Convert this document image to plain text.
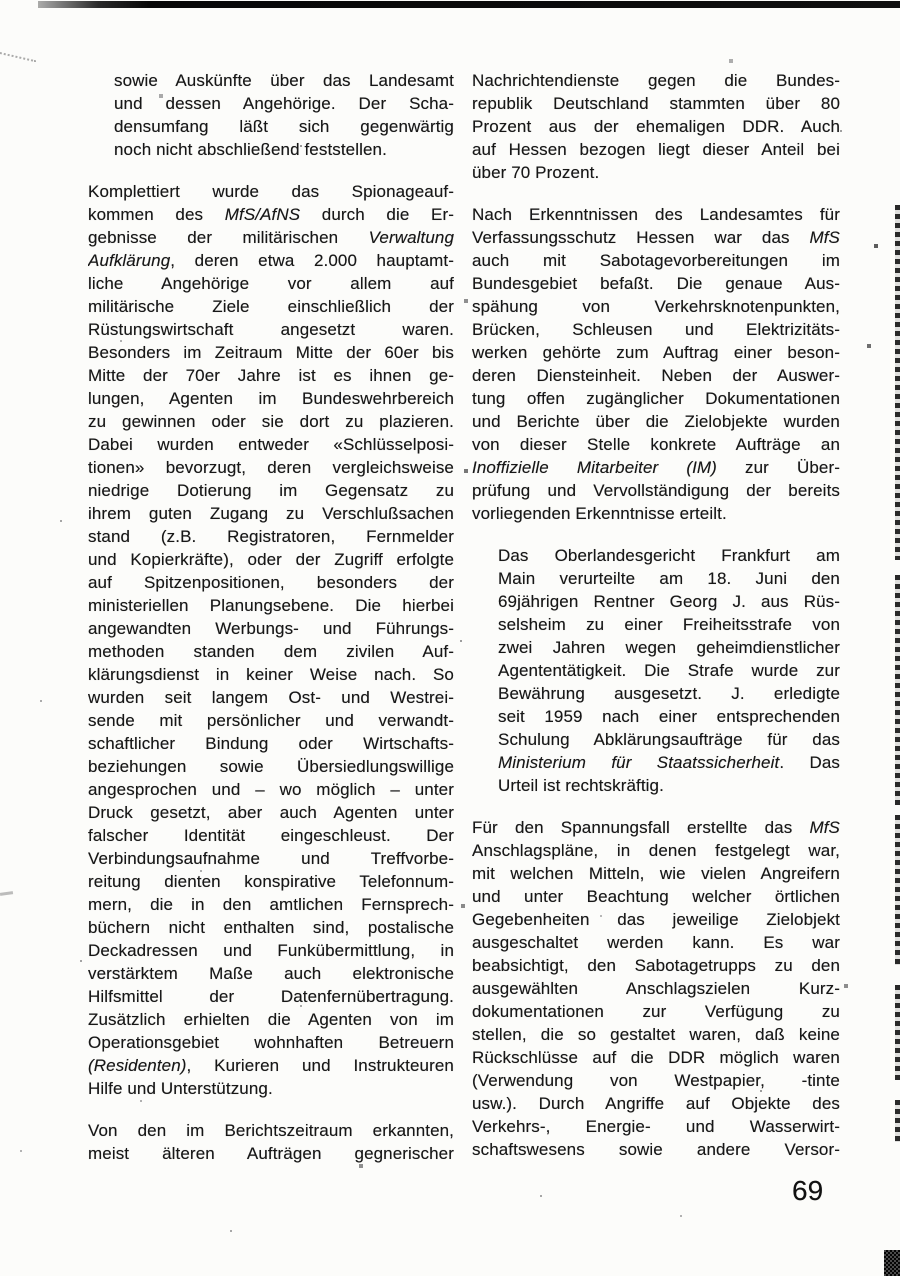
sowie Auskünfte über das Landesamt
und dessen Angehörige. Der Scha-
densumfang läßt sich gegenwärtig
noch nicht abschließend feststellen.
Komplettiert wurde das Spionageauf-
kommen des MfS/AfNS durch die Er-
gebnisse der militärischen Verwaltung
Aufklärung, deren etwa 2.000 hauptamt-
liche Angehörige vor allem auf
militärische Ziele einschließlich der
Rüstungswirtschaft angesetzt waren.
Besonders im Zeitraum Mitte der 60er bis
Mitte der 70er Jahre ist es ihnen ge-
lungen, Agenten im Bundeswehrbereich
zu gewinnen oder sie dort zu plazieren.
Dabei wurden entweder «Schlüsselposi-
tionen» bevorzugt, deren vergleichsweise
niedrige Dotierung im Gegensatz zu
ihrem guten Zugang zu Verschlußsachen
stand (z.B. Registratoren, Fernmelder
und Kopierkräfte), oder der Zugriff erfolgte
auf Spitzenpositionen, besonders der
ministeriellen Planungsebene. Die hierbei
angewandten Werbungs- und Führungs-
methoden standen dem zivilen Auf-
klärungsdienst in keiner Weise nach. So
wurden seit langem Ost- und Westrei-
sende mit persönlicher und verwandt-
schaftlicher Bindung oder Wirtschafts-
beziehungen sowie Übersiedlungswillige
angesprochen und – wo möglich – unter
Druck gesetzt, aber auch Agenten unter
falscher Identität eingeschleust. Der
Verbindungsaufnahme und Treffvorbe-
reitung dienten konspirative Telefonnum-
mern, die in den amtlichen Fernsprech-
büchern nicht enthalten sind, postalische
Deckadressen und Funkübermittlung, in
verstärktem Maße auch elektronische
Hilfsmittel der Datenfernübertragung.
Zusätzlich erhielten die Agenten von im
Operationsgebiet wohnhaften Betreuern
(Residenten), Kurieren und Instrukteuren
Hilfe und Unterstützung.
Von den im Berichtszeitraum erkannten,
meist älteren Aufträgen gegnerischer
Nachrichtendienste gegen die Bundes-
republik Deutschland stammten über 80
Prozent aus der ehemaligen DDR. Auch
auf Hessen bezogen liegt dieser Anteil bei
über 70 Prozent.
Nach Erkenntnissen des Landesamtes für
Verfassungsschutz Hessen war das MfS
auch mit Sabotagevorbereitungen im
Bundesgebiet befaßt. Die genaue Aus-
spähung von Verkehrsknotenpunkten,
Brücken, Schleusen und Elektrizitäts-
werken gehörte zum Auftrag einer beson-
deren Diensteinheit. Neben der Auswer-
tung offen zugänglicher Dokumentationen
und Berichte über die Zielobjekte wurden
von dieser Stelle konkrete Aufträge an
Inoffizielle Mitarbeiter (IM) zur Über-
prüfung und Vervollständigung der bereits
vorliegenden Erkenntnisse erteilt.
Das Oberlandesgericht Frankfurt am
Main verurteilte am 18. Juni den
69jährigen Rentner Georg J. aus Rüs-
selsheim zu einer Freiheitsstrafe von
zwei Jahren wegen geheimdienstlicher
Agententätigkeit. Die Strafe wurde zur
Bewährung ausgesetzt. J. erledigte
seit 1959 nach einer entsprechenden
Schulung Abklärungsaufträge für das
Ministerium für Staatssicherheit. Das
Urteil ist rechtskräftig.
Für den Spannungsfall erstellte das MfS
Anschlagspläne, in denen festgelegt war,
mit welchen Mitteln, wie vielen Angreifern
und unter Beachtung welcher örtlichen
Gegebenheiten das jeweilige Zielobjekt
ausgeschaltet werden kann. Es war
beabsichtigt, den Sabotagetrupps zu den
ausgewählten Anschlagszielen Kurz-
dokumentationen zur Verfügung zu
stellen, die so gestaltet waren, daß keine
Rückschlüsse auf die DDR möglich waren
(Verwendung von Westpapier, -tinte
usw.). Durch Angriffe auf Objekte des
Verkehrs-, Energie- und Wasserwirt-
schaftswesens sowie andere Versor-
69
